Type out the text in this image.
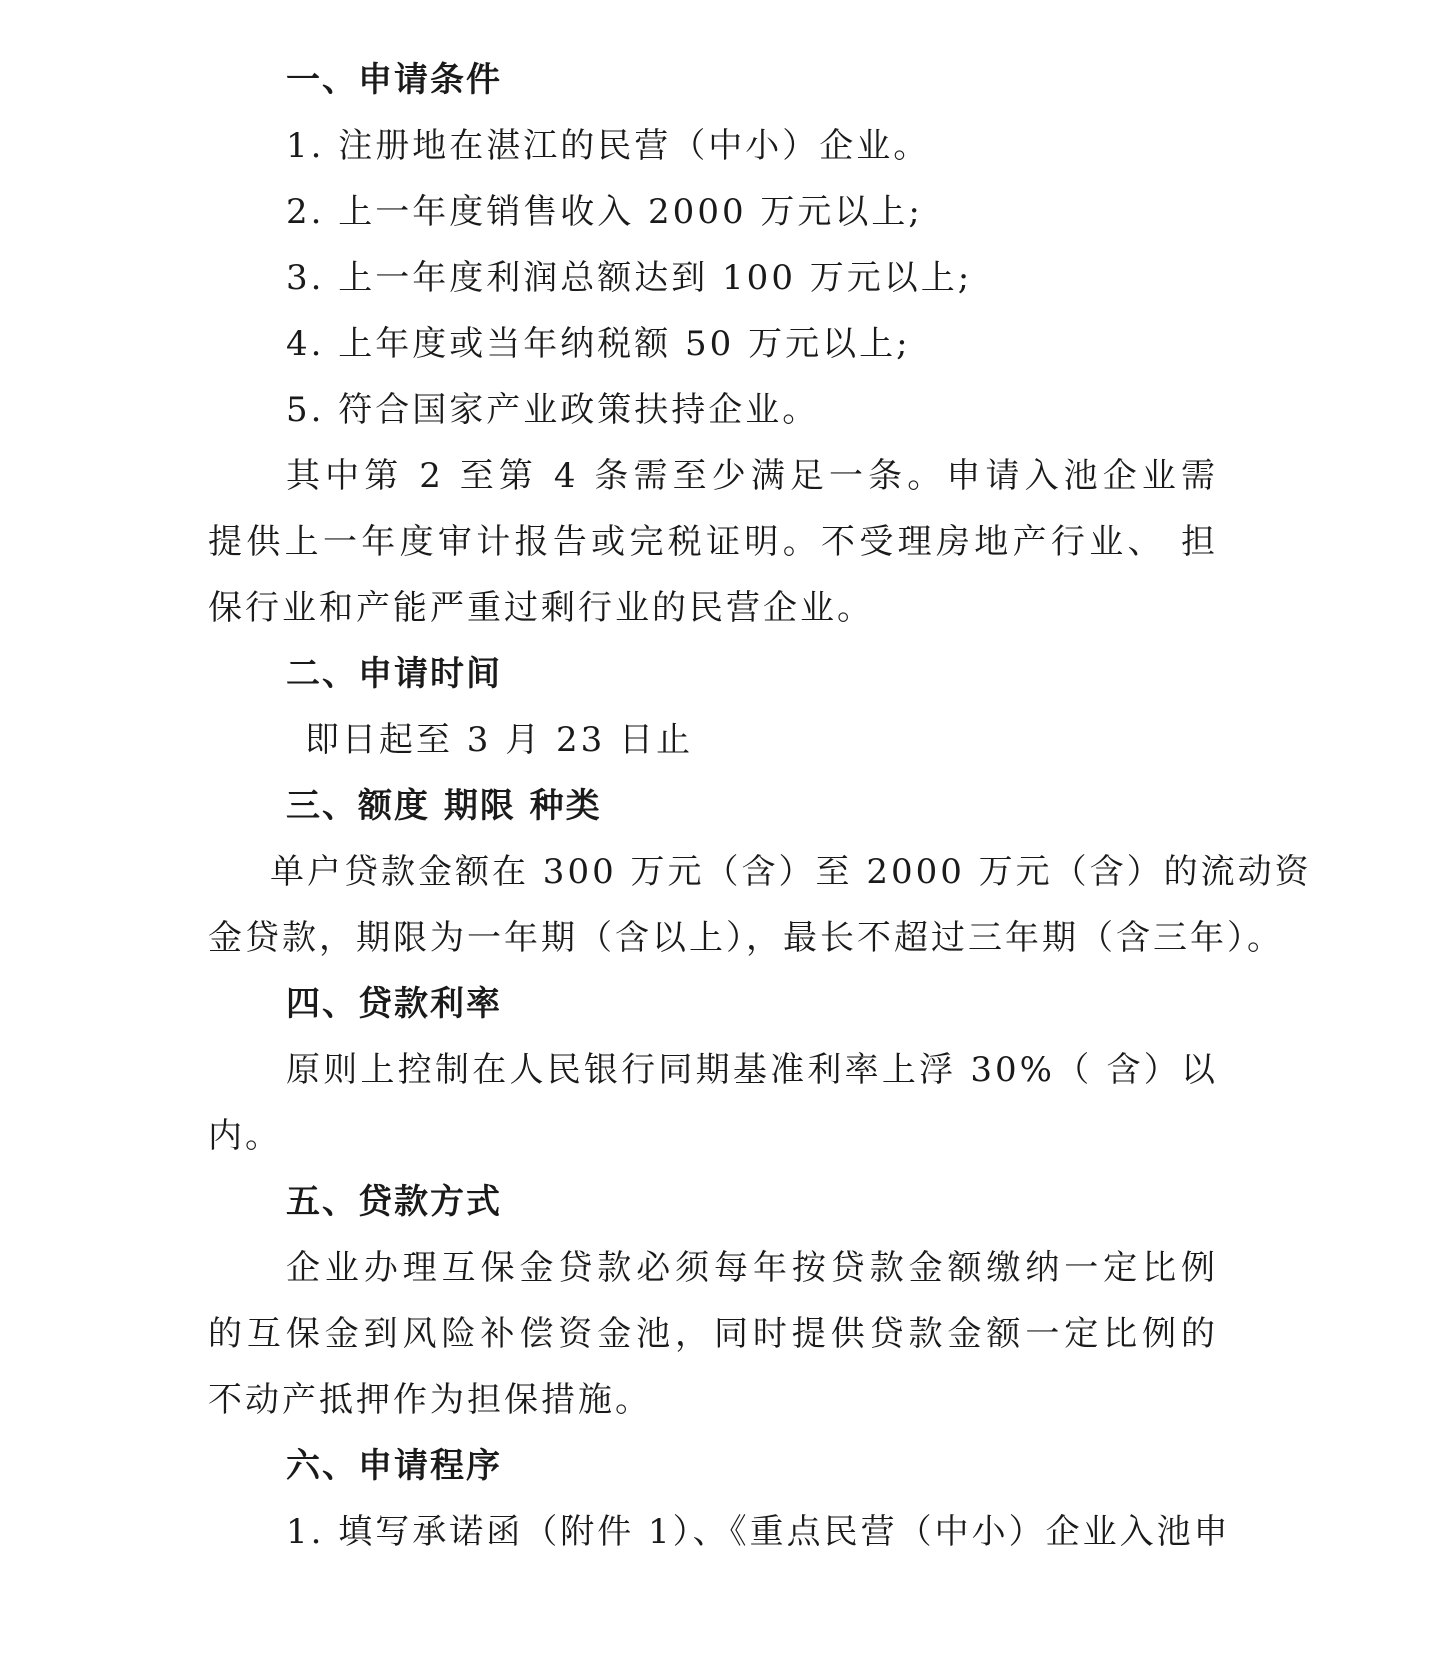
一、申请条件
1. 注册地在湛江的民营（中小）企业。
2. 上一年度销售收入 2000 万元以上;
3. 上一年度利润总额达到 100 万元以上;
4. 上年度或当年纳税额 50 万元以上;
5. 符合国家产业政策扶持企业。
其中第 2 至第 4 条需至少满足一条。申请入池企业需
提供上一年度审计报告或完税证明。不受理房地产行业、 担
保行业和产能严重过剩行业的民营企业。
二、申请时间
即日起至 3 月 23 日止
三、额度 期限 种类
单户贷款金额在 300 万元（含）至 2000 万元（含）的流动资
金贷款，期限为一年期（含以上），最长不超过三年期（含三年）。
四、贷款利率
原则上控制在人民银行同期基准利率上浮 30%（ 含）以
内。
五、贷款方式
企业办理互保金贷款必须每年按贷款金额缴纳一定比例
的互保金到风险补偿资金池，同时提供贷款金额一定比例的
不动产抵押作为担保措施。
六、申请程序
1. 填写承诺函（附件 1）、《重点民营（中小）企业入池申
